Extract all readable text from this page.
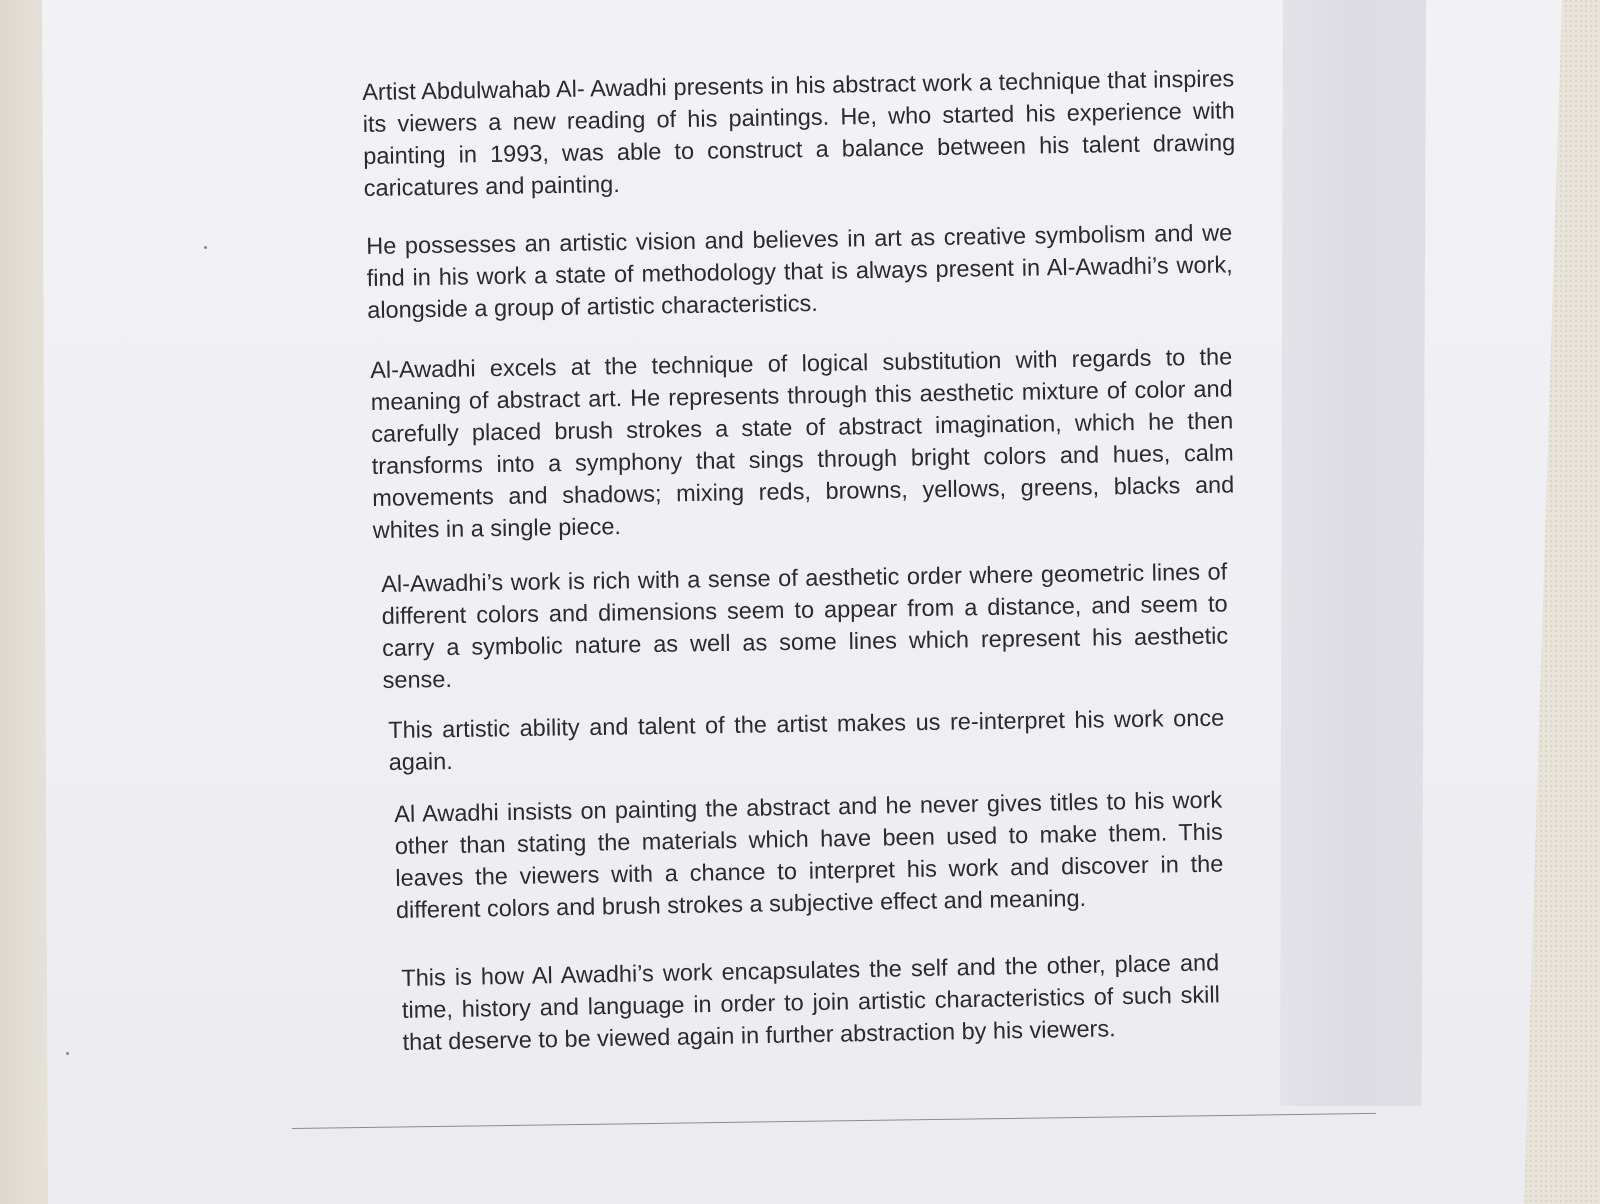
Artist Abdulwahab Al- Awadhi presents in his abstract work a technique that inspires its viewers a new reading of his paintings. He, who started his experience with painting in 1993, was able to construct a balance between his talent drawing caricatures and painting.

He possesses an artistic vision and believes in art as creative symbolism and we find in his work a state of methodology that is always present in Al-Awadhi’s work, alongside a group of artistic characteristics.

Al-Awadhi excels at the technique of logical substitution with regards to the meaning of abstract art. He represents through this aesthetic mixture of color and carefully placed brush strokes a state of abstract imagination, which he then transforms into a symphony that sings through bright colors and hues, calm movements and shadows; mixing reds, browns, yellows, greens, blacks and whites in a single piece.

Al-Awadhi’s work is rich with a sense of aesthetic order where geometric lines of different colors and dimensions seem to appear from a distance, and seem to carry a symbolic nature as well as some lines which represent his aesthetic sense.

This artistic ability and talent of the artist makes us re-interpret his work once again.

Al Awadhi insists on painting the abstract and he never gives titles to his work other than stating the materials which have been used to make them. This leaves the viewers with a chance to interpret his work and discover in the different colors and brush strokes a subjective effect and meaning.

This is how Al Awadhi’s work encapsulates the self and the other, place and time, history and language in order to join artistic characteristics of such skill that deserve to be viewed again in further abstraction by his viewers.
